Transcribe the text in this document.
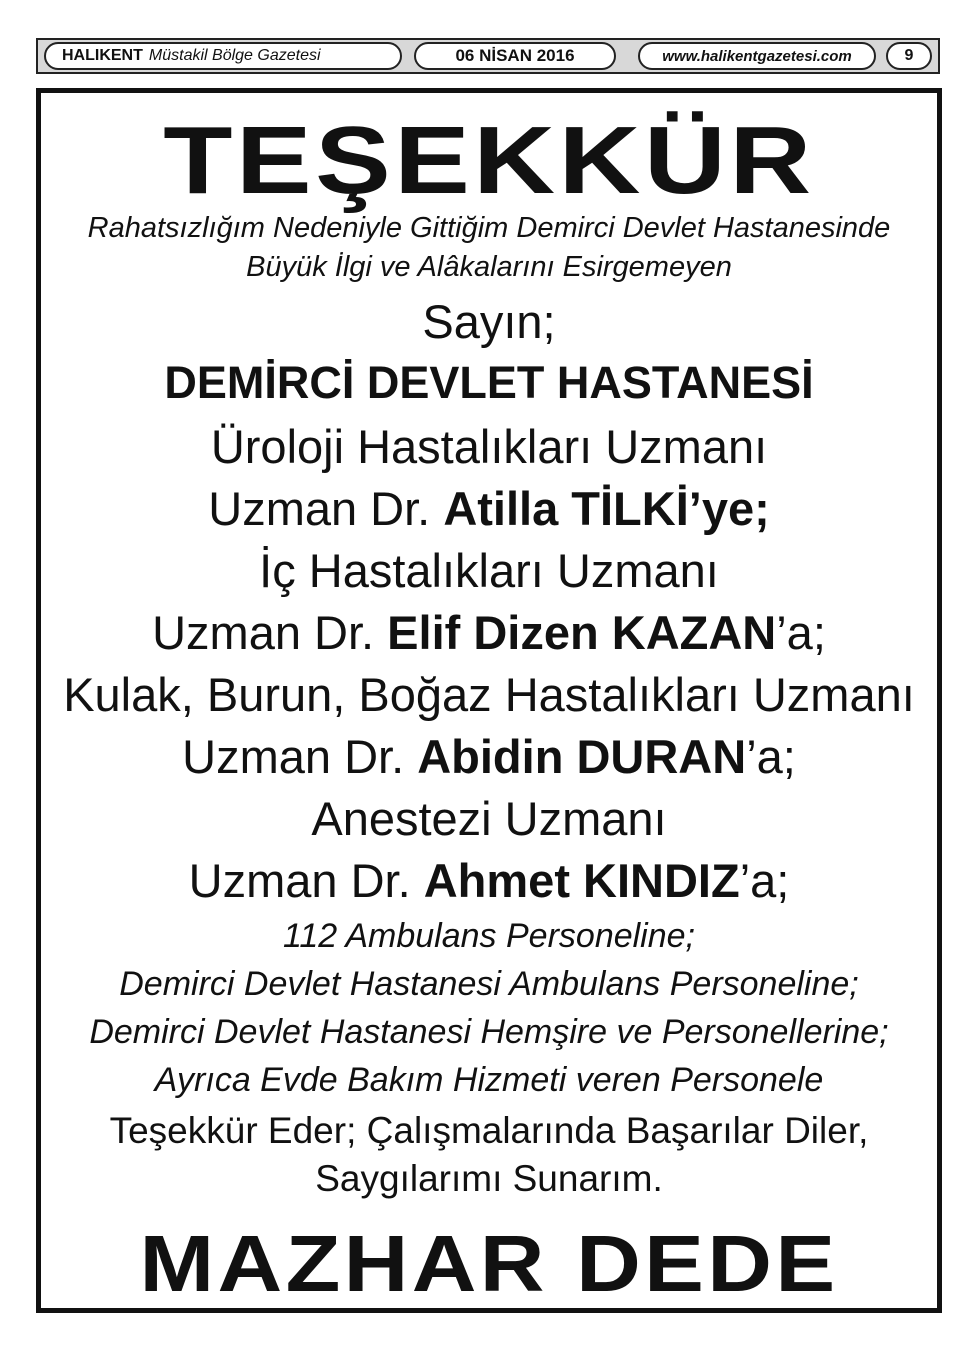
HALIKENT Müstakil Bölge Gazetesi	06 NİSAN 2016	www.halikentgazetesi.com	9
TEŞEKKÜR
Rahatsızlığım Nedeniyle Gittiğim Demirci Devlet Hastanesinde
Büyük İlgi ve Alâkalarını Esirgemeyen
Sayın;
DEMİRCİ DEVLET HASTANESİ
Üroloji Hastalıkları Uzmanı
Uzman Dr. Atilla TİLKİ’ye;
İç Hastalıkları Uzmanı
Uzman Dr. Elif Dizen KAZAN’a;
Kulak, Burun, Boğaz Hastalıkları Uzmanı
Uzman Dr. Abidin DURAN’a;
Anestezi Uzmanı
Uzman Dr. Ahmet KINDIZ’a;
112 Ambulans Personeline;
Demirci Devlet Hastanesi Ambulans Personeline;
Demirci Devlet Hastanesi Hemşire ve Personellerine;
Ayrıca Evde Bakım Hizmeti veren Personele
Teşekkür Eder; Çalışmalarında Başarılar Diler,
Saygılarımı Sunarım.
MAZHAR DEDE
